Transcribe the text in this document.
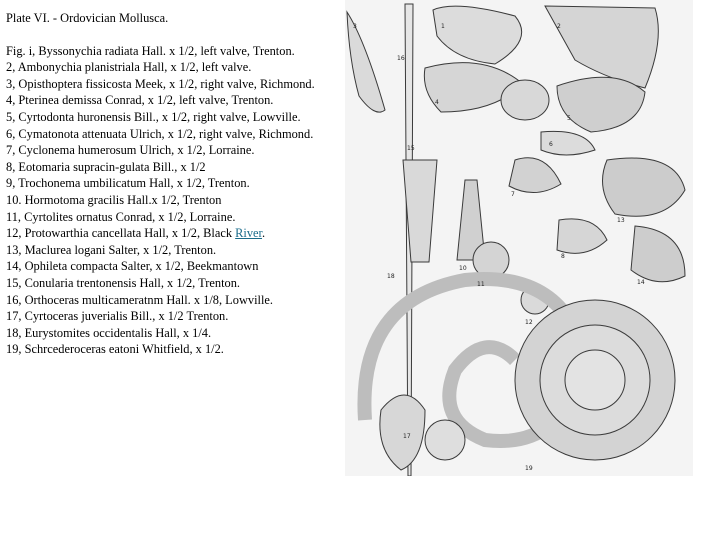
Plate VI. - Ordovician Mollusca.

Fig. i, Byssonychia radiata Hall. x 1/2, left valve, Trenton.

2, Ambonychia planistriala Hall, x 1/2, left valve.

3, Opisthoptera fissicosta Meek, x 1/2, right valve, Richmond.

4, Pterinea demissa Conrad, x 1/2, left valve, Trenton.

5, Cyrtodonta huronensis Bill., x 1/2, right valve, Lowville.

6, Cymatonota attenuata Ulrich, x 1/2, right valve, Richmond.

7, Cyclonema humerosum Ulrich, x 1/2, Lorraine.

8, Eotomaria supracin-gulata Bill., x 1/2

9, Trochonema umbilicatum Hall, x 1/2, Trenton.

10. Hormotoma gracilis Hall.x 1/2, Trenton

11, Cyrtolites ornatus Conrad, x 1/2, Lorraine.

12, Protowarthia cancellata Hall, x 1/2, Black River.

13, Maclurea logani Salter, x 1/2, Trenton.

14, Ophileta compacta Salter, x 1/2, Beekmantown

15, Conularia trentonensis Hall, x 1/2, Trenton.

16, Orthoceras multicameratnm Hall. x 1/8, Lowville.

17, Cyrtoceras juverialis Bill., x 1/2 Trenton.

18, Eurystomites occidentalis Hall, x 1/4.

19, Schrcederoceras eatoni Whitfield, x 1/2.

1
16
2
3
4
5
6
15
7
8
10
11
12
13
14
18
19
17
